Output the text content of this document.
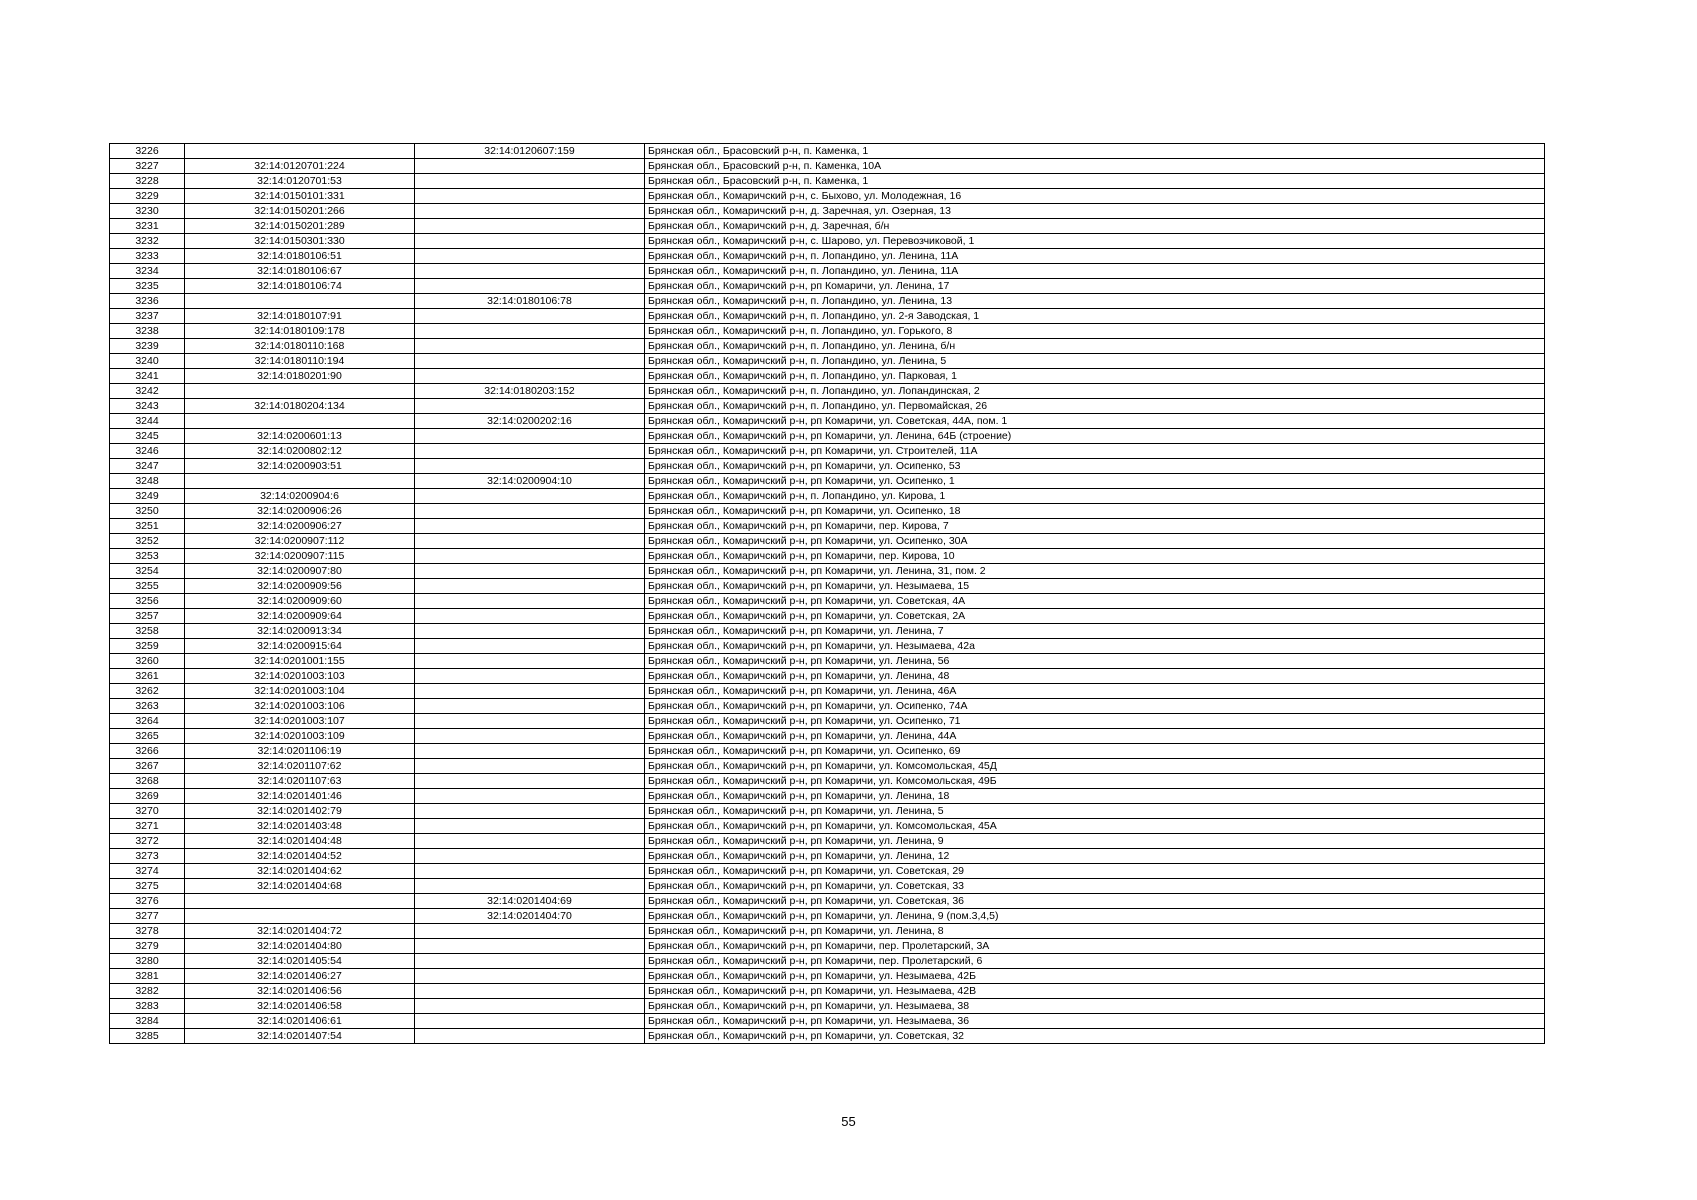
3226		32:14:0120607:159	Брянская обл., Брасовский р-н, п. Каменка, 1
3227	32:14:0120701:224		Брянская обл., Брасовский р-н, п. Каменка, 10А
3228	32:14:0120701:53		Брянская обл., Брасовский р-н, п. Каменка, 1
3229	32:14:0150101:331		Брянская обл., Комаричский р-н, с. Быхово, ул. Молодежная, 16
3230	32:14:0150201:266		Брянская обл., Комаричский р-н, д. Заречная, ул. Озерная, 13
3231	32:14:0150201:289		Брянская обл., Комаричский р-н, д. Заречная, б/н
3232	32:14:0150301:330		Брянская обл., Комаричский р-н, с. Шарово, ул. Перевозчиковой, 1
3233	32:14:0180106:51		Брянская обл., Комаричский р-н, п. Лопандино, ул. Ленина, 11А
3234	32:14:0180106:67		Брянская обл., Комаричский р-н, п. Лопандино, ул. Ленина, 11А
3235	32:14:0180106:74		Брянская обл., Комаричский р-н, рп Комаричи, ул. Ленина, 17
3236		32:14:0180106:78	Брянская обл., Комаричский р-н, п. Лопандино, ул. Ленина, 13
3237	32:14:0180107:91		Брянская обл., Комаричский р-н, п. Лопандино, ул. 2-я Заводская, 1
3238	32:14:0180109:178		Брянская обл., Комаричский р-н, п. Лопандино, ул. Горького, 8
3239	32:14:0180110:168		Брянская обл., Комаричский р-н, п. Лопандино, ул. Ленина, б/н
3240	32:14:0180110:194		Брянская обл., Комаричский р-н, п. Лопандино, ул. Ленина, 5
3241	32:14:0180201:90		Брянская обл., Комаричский р-н, п. Лопандино, ул. Парковая, 1
3242		32:14:0180203:152	Брянская обл., Комаричский р-н, п. Лопандино, ул. Лопандинская, 2
3243	32:14:0180204:134		Брянская обл., Комаричский р-н, п. Лопандино, ул. Первомайская, 26
3244		32:14:0200202:16	Брянская обл., Комаричский р-н, рп Комаричи, ул. Советская, 44А, пом. 1
3245	32:14:0200601:13		Брянская обл., Комаричский р-н, рп Комаричи, ул. Ленина, 64Б (строение)
3246	32:14:0200802:12		Брянская обл., Комаричский р-н, рп Комаричи, ул. Строителей, 11А
3247	32:14:0200903:51		Брянская обл., Комаричский р-н, рп Комаричи, ул. Осипенко, 53
3248		32:14:0200904:10	Брянская обл., Комаричский р-н, рп Комаричи, ул. Осипенко, 1
3249	32:14:0200904:6		Брянская обл., Комаричский р-н, п. Лопандино, ул. Кирова, 1
3250	32:14:0200906:26		Брянская обл., Комаричский р-н, рп Комаричи, ул. Осипенко, 18
3251	32:14:0200906:27		Брянская обл., Комаричский р-н, рп Комаричи, пер. Кирова, 7
3252	32:14:0200907:112		Брянская обл., Комаричский р-н, рп Комаричи, ул. Осипенко, 30А
3253	32:14:0200907:115		Брянская обл., Комаричский р-н, рп Комаричи, пер. Кирова, 10
3254	32:14:0200907:80		Брянская обл., Комаричский р-н, рп Комаричи, ул. Ленина, 31, пом. 2
3255	32:14:0200909:56		Брянская обл., Комаричский р-н, рп Комаричи, ул. Незымаева, 15
3256	32:14:0200909:60		Брянская обл., Комаричский р-н, рп Комаричи, ул. Советская, 4А
3257	32:14:0200909:64		Брянская обл., Комаричский р-н, рп Комаричи, ул. Советская, 2А
3258	32:14:0200913:34		Брянская обл., Комаричский р-н, рп Комаричи, ул. Ленина, 7
3259	32:14:0200915:64		Брянская обл., Комаричский р-н, рп Комаричи, ул. Незымаева, 42а
3260	32:14:0201001:155		Брянская обл., Комаричский р-н, рп Комаричи, ул. Ленина, 56
3261	32:14:0201003:103		Брянская обл., Комаричский р-н, рп Комаричи, ул. Ленина, 48
3262	32:14:0201003:104		Брянская обл., Комаричский р-н, рп Комаричи, ул. Ленина, 46А
3263	32:14:0201003:106		Брянская обл., Комаричский р-н, рп Комаричи, ул. Осипенко, 74А
3264	32:14:0201003:107		Брянская обл., Комаричский р-н, рп Комаричи, ул. Осипенко, 71
3265	32:14:0201003:109		Брянская обл., Комаричский р-н, рп Комаричи, ул. Ленина, 44А
3266	32:14:0201106:19		Брянская обл., Комаричский р-н, рп Комаричи, ул. Осипенко, 69
3267	32:14:0201107:62		Брянская обл., Комаричский р-н, рп Комаричи, ул. Комсомольская, 45Д
3268	32:14:0201107:63		Брянская обл., Комаричский р-н, рп Комаричи, ул. Комсомольская, 49Б
3269	32:14:0201401:46		Брянская обл., Комаричский р-н, рп Комаричи, ул. Ленина, 18
3270	32:14:0201402:79		Брянская обл., Комаричский р-н, рп Комаричи, ул. Ленина, 5
3271	32:14:0201403:48		Брянская обл., Комаричский р-н, рп Комаричи, ул. Комсомольская, 45А
3272	32:14:0201404:48		Брянская обл., Комаричский р-н, рп Комаричи, ул. Ленина, 9
3273	32:14:0201404:52		Брянская обл., Комаричский р-н, рп Комаричи, ул. Ленина, 12
3274	32:14:0201404:62		Брянская обл., Комаричский р-н, рп Комаричи, ул. Советская, 29
3275	32:14:0201404:68		Брянская обл., Комаричский р-н, рп Комаричи, ул. Советская, 33
3276		32:14:0201404:69	Брянская обл., Комаричский р-н, рп Комаричи, ул. Советская, 36
3277		32:14:0201404:70	Брянская обл., Комаричский р-н, рп Комаричи, ул. Ленина, 9 (пом.3,4,5)
3278	32:14:0201404:72		Брянская обл., Комаричский р-н, рп Комаричи, ул. Ленина, 8
3279	32:14:0201404:80		Брянская обл., Комаричский р-н, рп Комаричи, пер. Пролетарский, 3А
3280	32:14:0201405:54		Брянская обл., Комаричский р-н, рп Комаричи, пер. Пролетарский, 6
3281	32:14:0201406:27		Брянская обл., Комаричский р-н, рп Комаричи, ул. Незымаева, 42Б
3282	32:14:0201406:56		Брянская обл., Комаричский р-н, рп Комаричи, ул. Незымаева, 42В
3283	32:14:0201406:58		Брянская обл., Комаричский р-н, рп Комаричи, ул. Незымаева, 38
3284	32:14:0201406:61		Брянская обл., Комаричский р-н, рп Комаричи, ул. Незымаева, 36
3285	32:14:0201407:54		Брянская обл., Комаричский р-н, рп Комаричи, ул. Советская, 32
55
